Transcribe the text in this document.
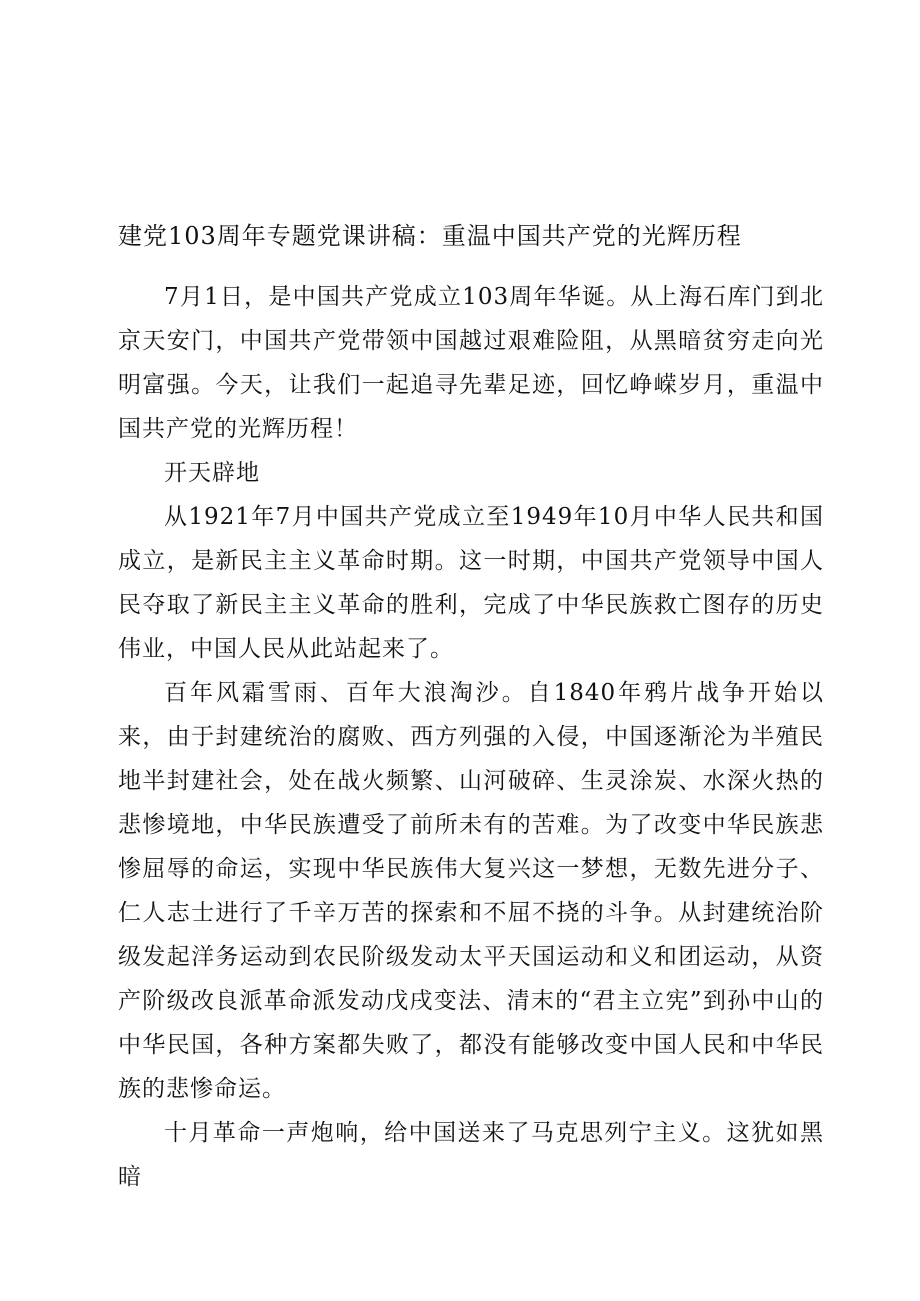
建党103周年专题党课讲稿：重温中国共产党的光辉历程

7月1日，是中国共产党成立103周年华诞。从上海石库门到北京天安门，中国共产党带领中国越过艰难险阻，从黑暗贫穷走向光明富强。今天，让我们一起追寻先辈足迹，回忆峥嵘岁月，重温中国共产党的光辉历程！

开天辟地

从1921年7月中国共产党成立至1949年10月中华人民共和国成立，是新民主主义革命时期。这一时期，中国共产党领导中国人民夺取了新民主主义革命的胜利，完成了中华民族救亡图存的历史伟业，中国人民从此站起来了。

百年风霜雪雨、百年大浪淘沙。自1840年鸦片战争开始以来，由于封建统治的腐败、西方列强的入侵，中国逐渐沦为半殖民地半封建社会，处在战火频繁、山河破碎、生灵涂炭、水深火热的悲惨境地，中华民族遭受了前所未有的苦难。为了改变中华民族悲惨屈辱的命运，实现中华民族伟大复兴这一梦想，无数先进分子、仁人志士进行了千辛万苦的探索和不屈不挠的斗争。从封建统治阶级发起洋务运动到农民阶级发动太平天国运动和义和团运动，从资产阶级改良派革命派发动戊戌变法、清末的“君主立宪”到孙中山的中华民国，各种方案都失败了，都没有能够改变中国人民和中华民族的悲惨命运。

十月革命一声炮响，给中国送来了马克思列宁主义。这犹如黑暗
